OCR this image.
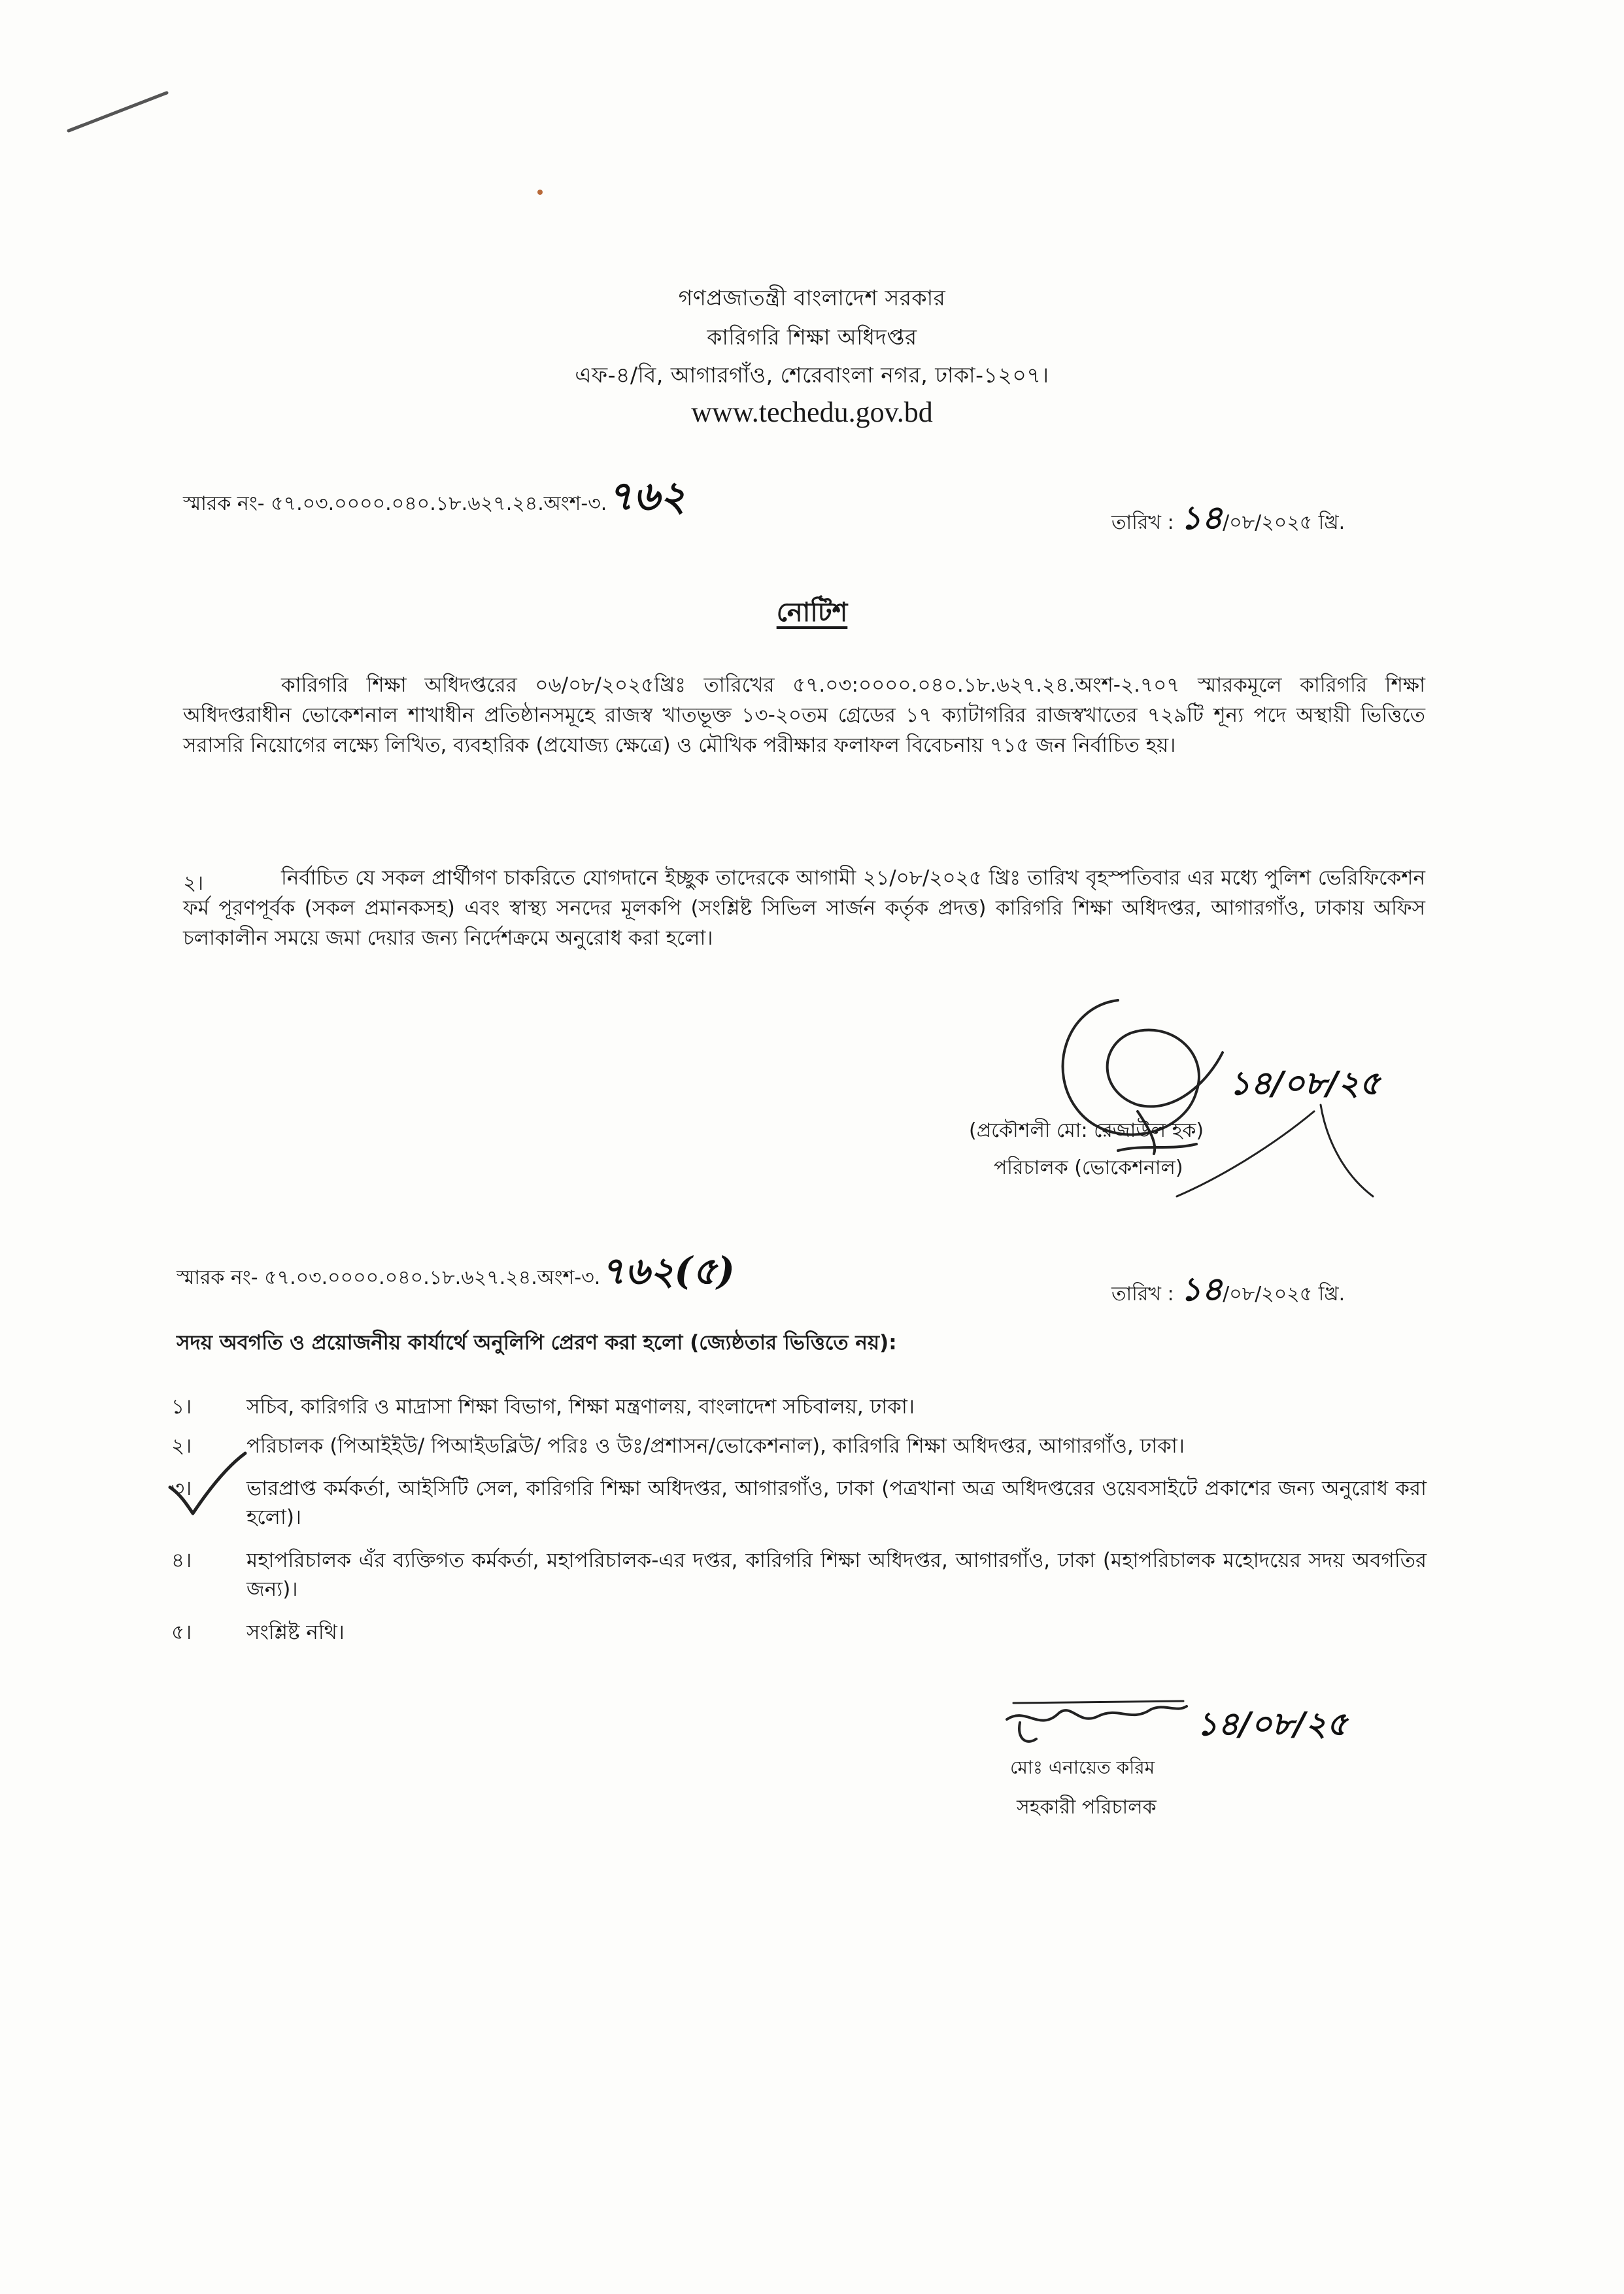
গণপ্রজাতন্ত্রী বাংলাদেশ সরকার
কারিগরি শিক্ষা অধিদপ্তর
এফ-৪/বি, আগারগাঁও, শেরেবাংলা নগর, ঢাকা-১২০৭।
www.techedu.gov.bd
স্মারক নং- ৫৭.০৩.০০০০.০৪০.১৮.৬২৭.২৪.অংশ-৩.৭৬২
তারিখ : ১৪/০৮/২০২৫ খ্রি.
নোটিশ
কারিগরি শিক্ষা অধিদপ্তরের ০৬/০৮/২০২৫খ্রিঃ তারিখের ৫৭.০৩:০০০০.০৪০.১৮.৬২৭.২৪.অংশ-২.৭০৭ স্মারকমূলে কারিগরি শিক্ষা অধিদপ্তরাধীন ভোকেশনাল শাখাধীন প্রতিষ্ঠানসমূহে রাজস্ব খাতভূক্ত ১৩-২০তম গ্রেডের ১৭ ক্যাটাগরির রাজস্বখাতের ৭২৯টি শূন্য পদে অস্থায়ী ভিত্তিতে সরাসরি নিয়োগের লক্ষ্যে লিখিত, ব্যবহারিক (প্রযোজ্য ক্ষেত্রে) ও মৌখিক পরীক্ষার ফলাফল বিবেচনায় ৭১৫ জন নির্বাচিত হয়।
২।	নির্বাচিত যে সকল প্রার্থীগণ চাকরিতে যোগদানে ইচ্ছুক তাদেরকে আগামী ২১/০৮/২০২৫ খ্রিঃ তারিখ বৃহস্পতিবার এর মধ্যে পুলিশ ভেরিফিকেশন ফর্ম পূরণপূর্বক (সকল প্রমানকসহ) এবং স্বাস্থ্য সনদের মূলকপি (সংশ্লিষ্ট সিভিল সার্জন কর্তৃক প্রদত্ত) কারিগরি শিক্ষা অধিদপ্তর, আগারগাঁও, ঢাকায় অফিস চলাকালীন সময়ে জমা দেয়ার জন্য নির্দেশক্রমে অনুরোধ করা হলো।
১৪/০৮/২৫
(প্রকৌশলী মো: রেজাউল হক)
পরিচালক (ভোকেশনাল)
স্মারক নং- ৫৭.০৩.০০০০.০৪০.১৮.৬২৭.২৪.অংশ-৩.৭৬২(৫)
তারিখ : ১৪/০৮/২০২৫ খ্রি.
সদয় অবগতি ও প্রয়োজনীয় কার্যার্থে অনুলিপি প্রেরণ করা হলো (জ্যেষ্ঠতার ভিত্তিতে নয়):
১।	সচিব, কারিগরি ও মাদ্রাসা শিক্ষা বিভাগ, শিক্ষা মন্ত্রণালয়, বাংলাদেশ সচিবালয়, ঢাকা।
২।	পরিচালক (পিআইইউ/ পিআইডব্লিউ/ পরিঃ ও উঃ/প্রশাসন/ভোকেশনাল), কারিগরি শিক্ষা অধিদপ্তর, আগারগাঁও, ঢাকা।
৩।	ভারপ্রাপ্ত কর্মকর্তা, আইসিটি সেল, কারিগরি শিক্ষা অধিদপ্তর, আগারগাঁও, ঢাকা (পত্রখানা অত্র অধিদপ্তরের ওয়েবসাইটে প্রকাশের জন্য অনুরোধ করা হলো)।
৪।	মহাপরিচালক এঁর ব্যক্তিগত কর্মকর্তা, মহাপরিচালক-এর দপ্তর, কারিগরি শিক্ষা অধিদপ্তর, আগারগাঁও, ঢাকা (মহাপরিচালক মহোদয়ের সদয় অবগতির জন্য)।
৫।	সংশ্লিষ্ট নথি।
১৪/০৮/২৫
মোঃ এনায়েত করিম
সহকারী পরিচালক
